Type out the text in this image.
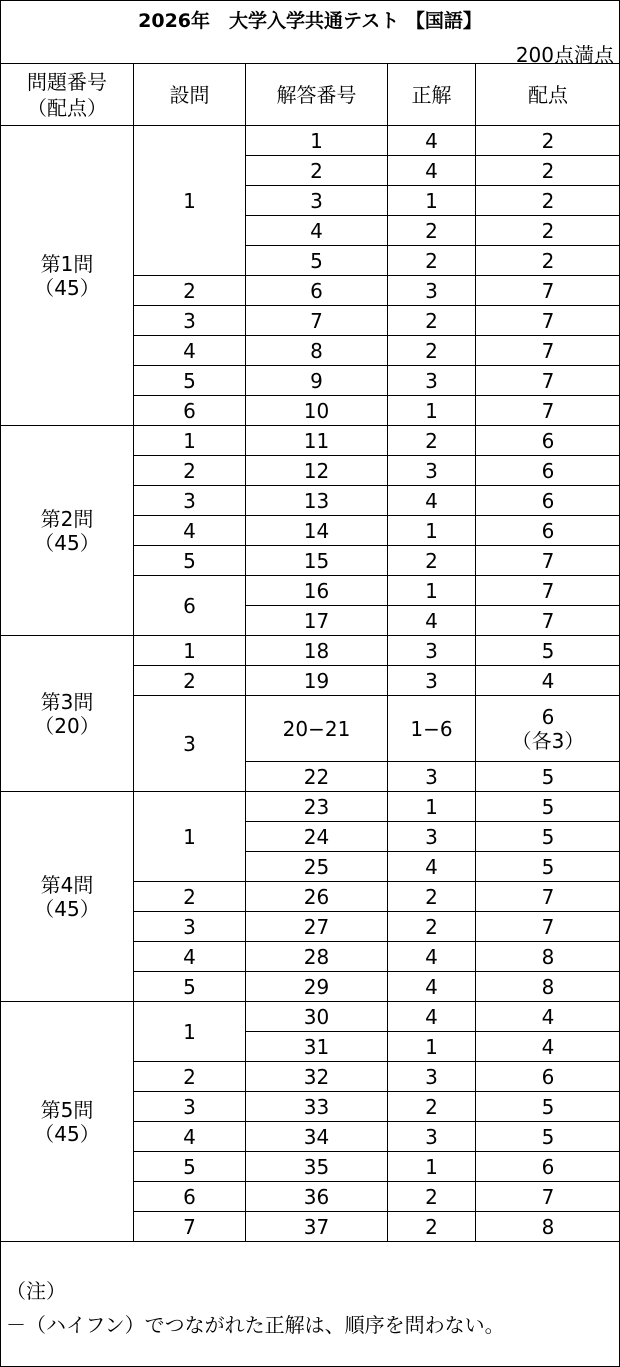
2026年　大学入学共通テスト 【国語】
200点満点
問題番号
（配点）	設問	解答番号	正解	配点

第1問
（45）	1	1	4	2
		2	4	2
		3	1	2
		4	2	2
		5	2	2
	2	6	3	7
	3	7	2	7
	4	8	2	7
	5	9	3	7
	6	10	1	7

第2問
（45）	1	11	2	6
	2	12	3	6
	3	13	4	6
	4	14	1	6
	5	15	2	7
	6	16	1	7
		17	4	7

第3問
（20）	1	18	3	5
	2	19	3	4
	3	20−21	1−6	6
（各3）

		22	3	5

第4問
（45）	1	23	1	5
		24	3	5
		25	4	5
	2	26	2	7
	3	27	2	7
	4	28	4	8
	5	29	4	8

第5問
（45）	1	30	4	4
		31	1	4
	2	32	3	6
	3	33	2	5
	4	34	3	5
	5	35	1	6
	6	36	2	7
	7	37	2	8
（注）
－（ハイフン）でつながれた正解は、順序を問わない。
